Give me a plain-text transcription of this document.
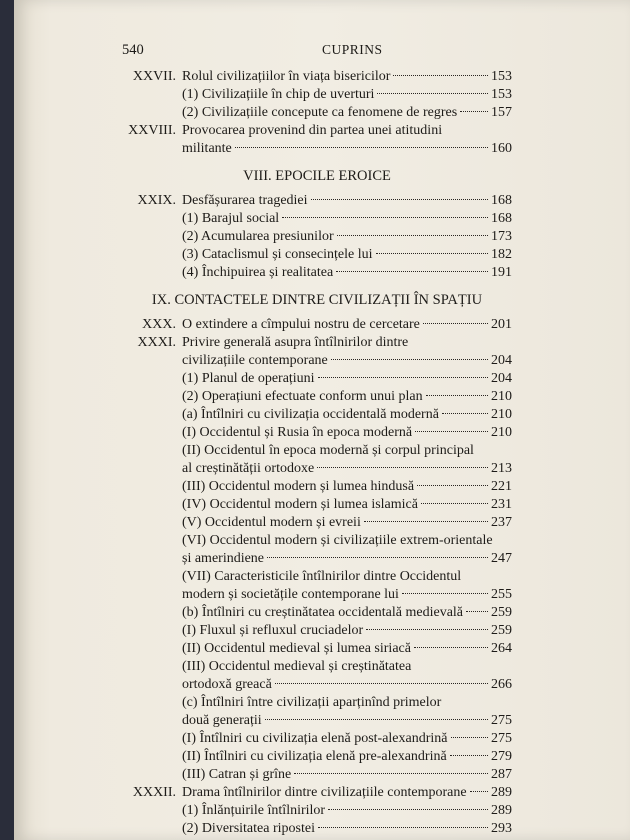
540	CUPRINS
XXVII. Rolul civilizațiilor în viața bisericilor	153
(1) Civilizațiile în chip de uverturi	153
(2) Civilizațiile concepute ca fenomene de regres 157
XXVIII. Provocarea provenind din partea unei atitudini
militante	160
VIII. EPOCILE EROICE
XXIX. Desfășurarea tragediei	168
(1) Barajul social	168
(2) Acumularea presiunilor	173
(3) Cataclismul și consecințele lui	182
(4) Închipuirea și realitatea	191
IX. CONTACTELE DINTRE CIVILIZAȚII ÎN SPAȚIU
XXX. O extindere a cîmpului nostru de cercetare	201
XXXI. Privire generală asupra întîlnirilor dintre
civilizațiile contemporane	204
(1) Planul de operațiuni	204
(2) Operațiuni efectuate conform unui plan	210
(a) Întîlniri cu civilizația occidentală modernă	210
(I) Occidentul și Rusia în epoca modernă	210
(II) Occidentul în epoca modernă și corpul principal
al creștinătății ortodoxe	213
(III) Occidentul modern și lumea hindusă	221
(IV) Occidentul modern și lumea islamică	231
(V) Occidentul modern și evreii	237
(VI) Occidentul modern și civilizațiile extrem-orientale
și amerindiene	247
(VII) Caracteristicile întîlnirilor dintre Occidentul
modern și societățile contemporane lui	255
(b) Întîlniri cu creștinătatea occidentală medievală 259
(I) Fluxul și refluxul cruciadelor	259
(II) Occidentul medieval și lumea siriacă	264
(III) Occidentul medieval și creștinătatea
ortodoxă greacă	266
(c) Întîlniri între civilizații aparținînd primelor
două generații	275
(I) Întîlniri cu civilizația elenă post-alexandrină	275
(II) Întîlniri cu civilizația elenă pre-alexandrină	279
(III) Catran și grîne	287
XXXII. Drama întîlnirilor dintre civilizațiile contemporane 289
(1) Înlănțuirile întîlnirilor	289
(2) Diversitatea ripostei	293
